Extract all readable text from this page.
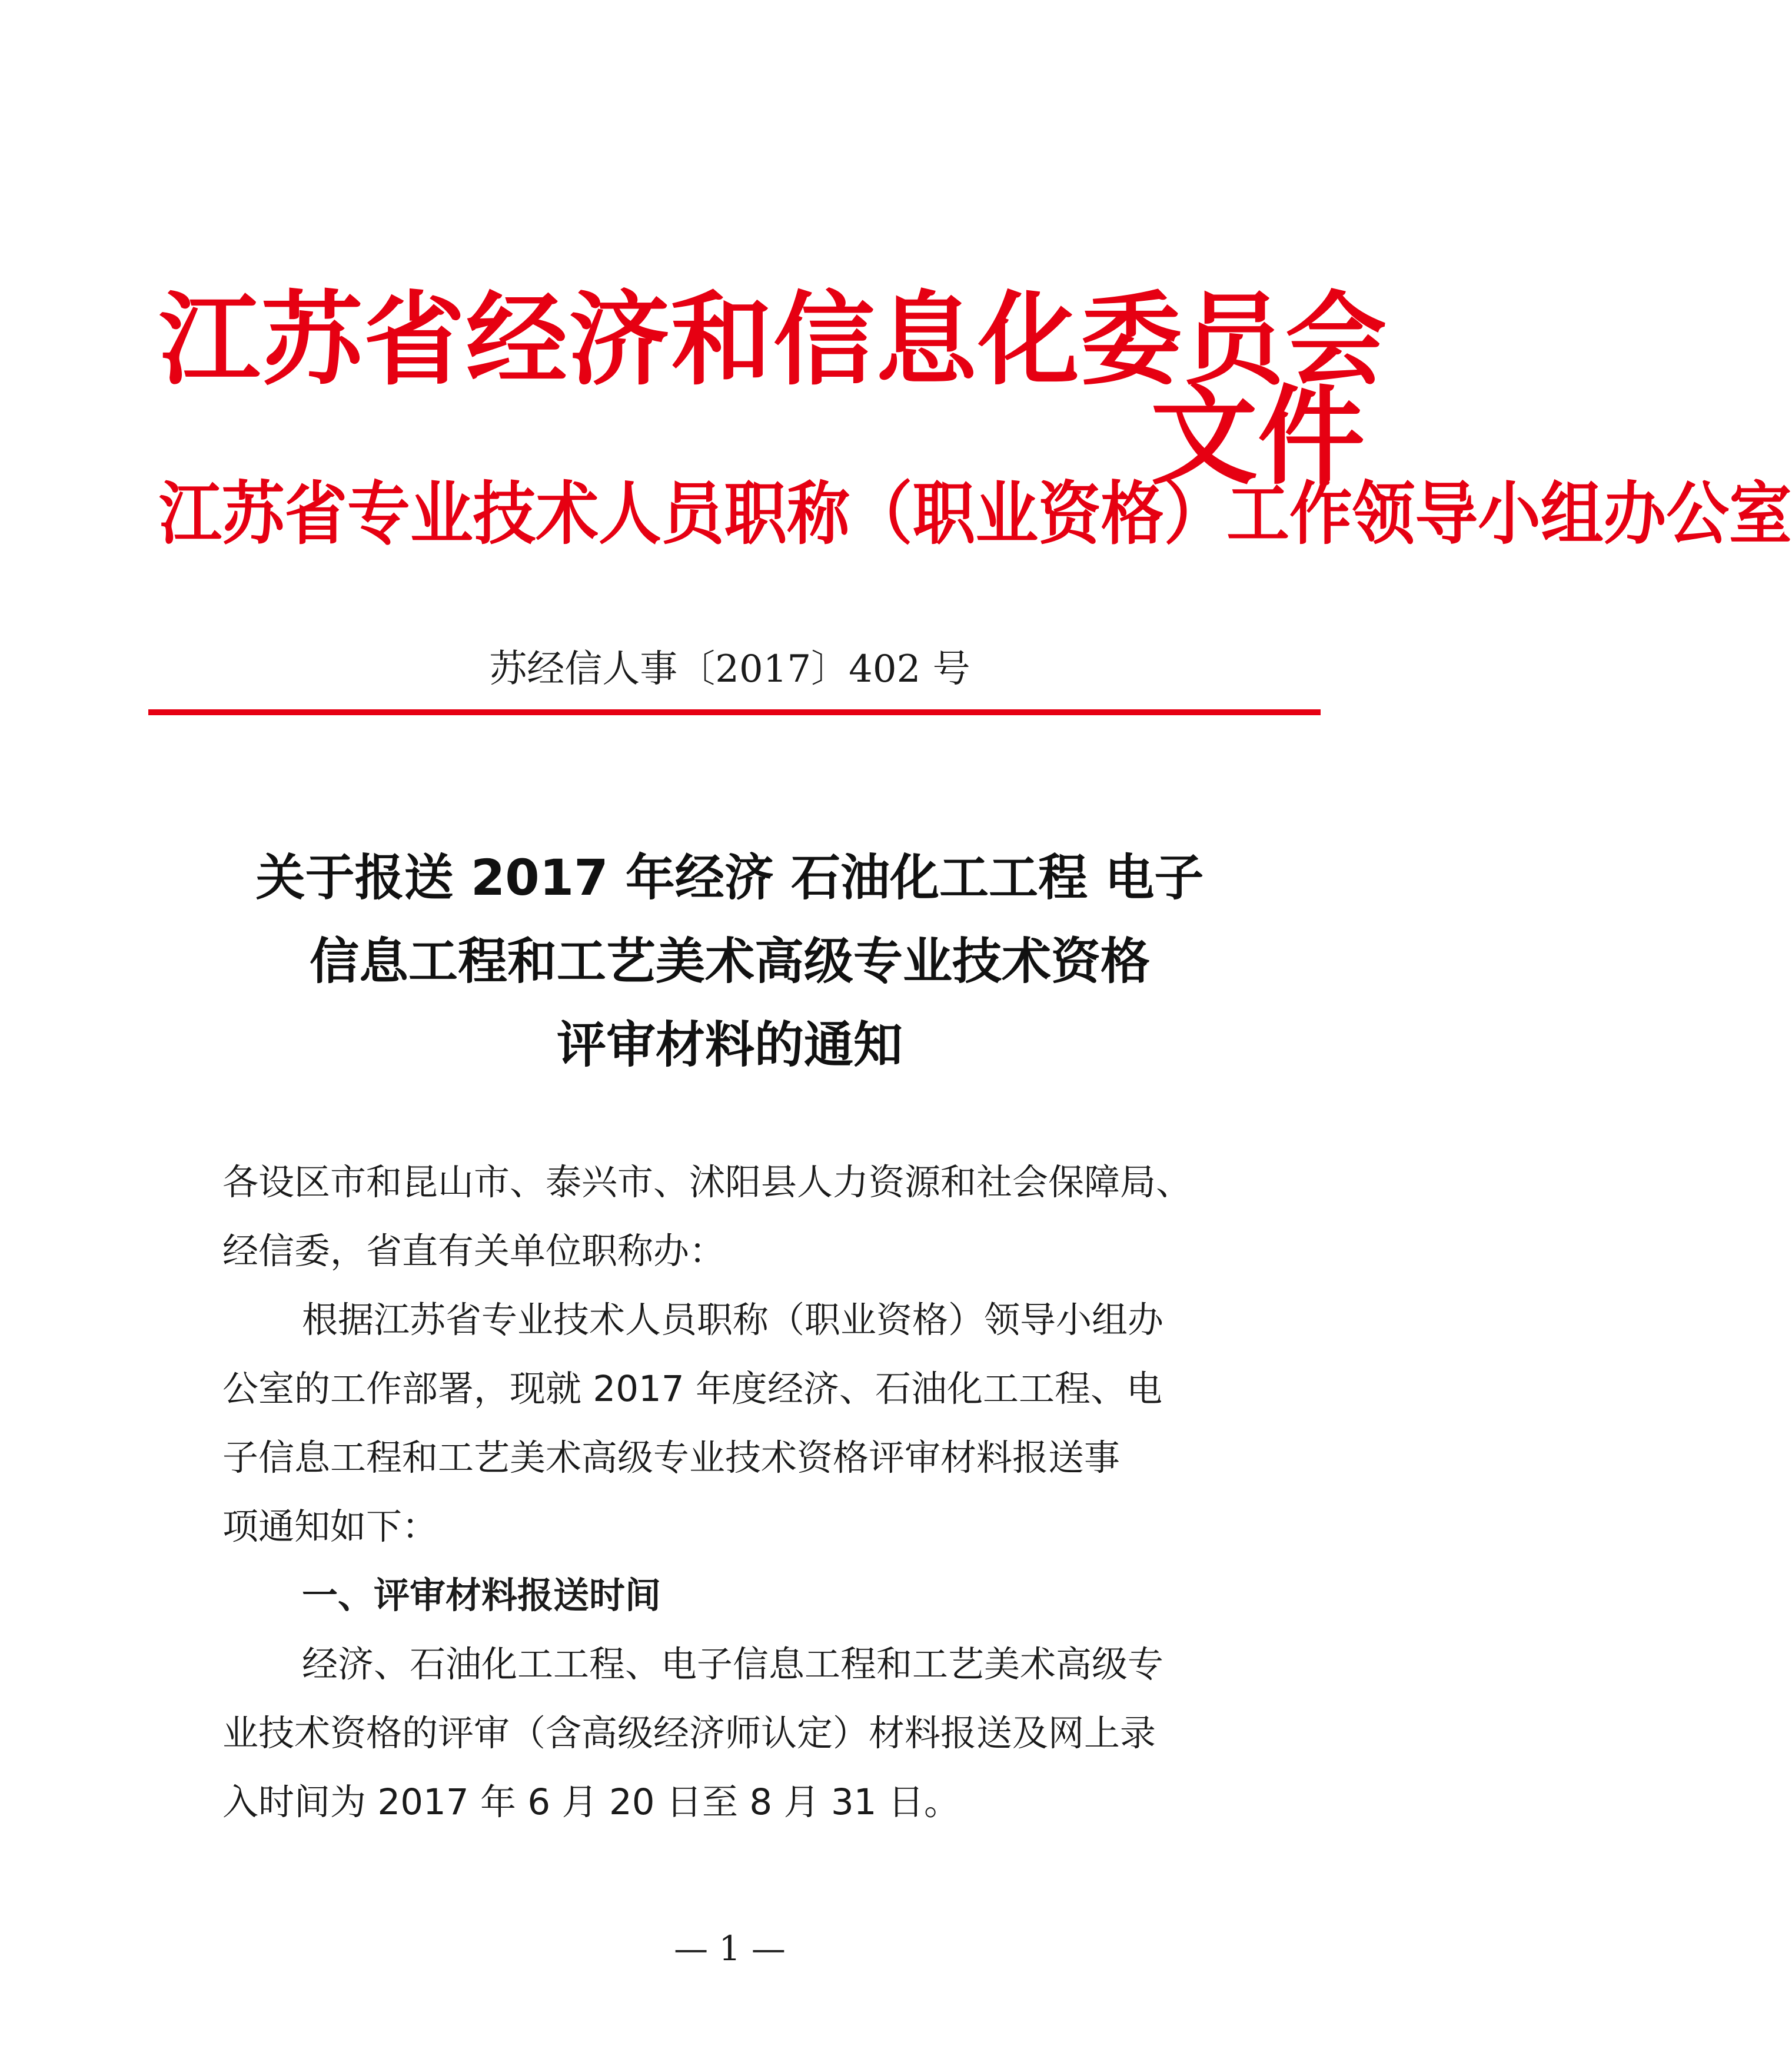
江苏省经济和信息化委员会
江苏省专业技术人员职称（职业资格）工作领导小组办公室
文件
苏经信人事〔2017〕402 号
关于报送 2017 年经济 石油化工工程 电子
信息工程和工艺美术高级专业技术资格
评审材料的通知
各设区市和昆山市、泰兴市、沭阳县人力资源和社会保障局、
经信委，省直有关单位职称办：
根据江苏省专业技术人员职称（职业资格）领导小组办
公室的工作部署，现就 2017 年度经济、石油化工工程、电
子信息工程和工艺美术高级专业技术资格评审材料报送事
项通知如下：
一、评审材料报送时间
经济、石油化工工程、电子信息工程和工艺美术高级专
业技术资格的评审（含高级经济师认定）材料报送及网上录
入时间为 2017 年 6 月 20 日至 8 月 31 日。
— 1 —
